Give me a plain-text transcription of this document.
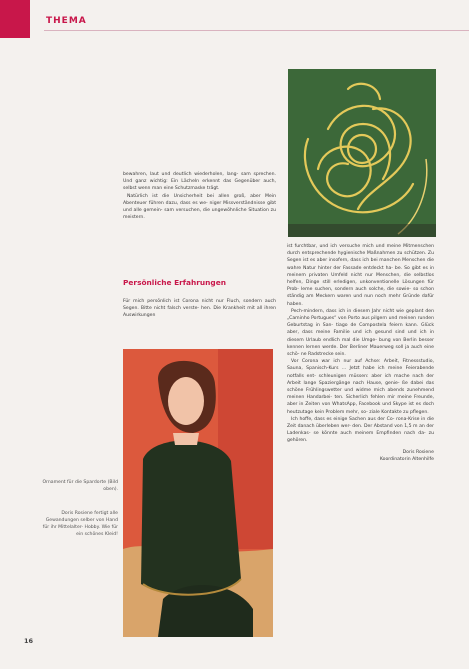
THEMA

bewahren, laut und deutlich wiederholen, lang- sam sprechen. Und ganz wichtig: Ein Lächeln erkennt das Gegenüber auch, selbst wenn man eine Schutzmaske trägt.

Natürlich ist die Unsicherheit bei allen groß, aber Mein Abenteuer führen dazu, dass es we- niger Missverständnisse gibt und alle gemein- sam versuchen, die ungewöhnliche Situation zu meistern.

Persönliche Erfahrungen

Für mich persönlich ist Corona nicht nur Fluch, sondern auch Segen. Bitte nicht falsch verste- hen. Die Krankheit mit all ihren Auswirkungen

ist furchtbar, und ich versuche mich und meine Mitmenschen durch entsprechende hygienische Maßnahmen zu schützen. Zu Segen ist es aber insofern, dass ich bei manchen Menschen die wahre Natur hinter der Fassade entdeckt ha- be. So gibt es in meinem privaten Umfeld nicht nur Menschen, die selbstlos helfen, Dinge still erledigen, unkonventionelle Lösungen für Prob- leme suchen, sondern auch solche, die sowie- so schon ständig am Meckern waren und nun noch mehr Gründe dafür haben.

Pech-mindern, dass ich in diesem Jahr nicht wie geplant den „Caminho Portugues“ von Porto aus pilgern und meinen runden Geburtstag in San- tiago de Compostela feiern kann. Glück aber, dass meine Familie und ich gesund sind und ich in diesem Urlaub endlich mal die Umge- bung von Berlin besser kennen lernen werde. Der Berliner Mauerweg soll ja auch eine schö- ne Radstrecke sein.

Vor Corona war ich nur auf Achse: Arbeit, Fitnessstudio, Sauna, Spanisch-Kurs ... Jetzt habe ich meine Feierabende notfalls ent- schleunigen müssen: aber ich mache nach der Arbeit lange Spaziergänge nach Hause, genie- ße dabei das schöne Frühlingswetter und widme mich abends zunehmend meinen Handarbei- ten. Sicherlich fehlen mir meine Freunde, aber in Zeiten von WhatsApp, Facebook und Skype ist es doch heutzutage kein Problem mehr, so- ziale Kontakte zu pflegen.

Ich hoffe, dass es einige Sachen aus der Co- rona-Krise in die Zeit danach überleben wer- den. Der Abstand von 1,5 m an der Ladenkas- se könnte auch meinem Empfinden nach da- zu gehören.

Doris Rosiene
Koordinatorin Altenhilfe
Ornament für die Spardorte (Bild oben).
Doris Rosiene fertigt alle Gewandungen selber von Hand für ihr Mittelalter- Hobby. Wie für ein schönes Kleid!
16
